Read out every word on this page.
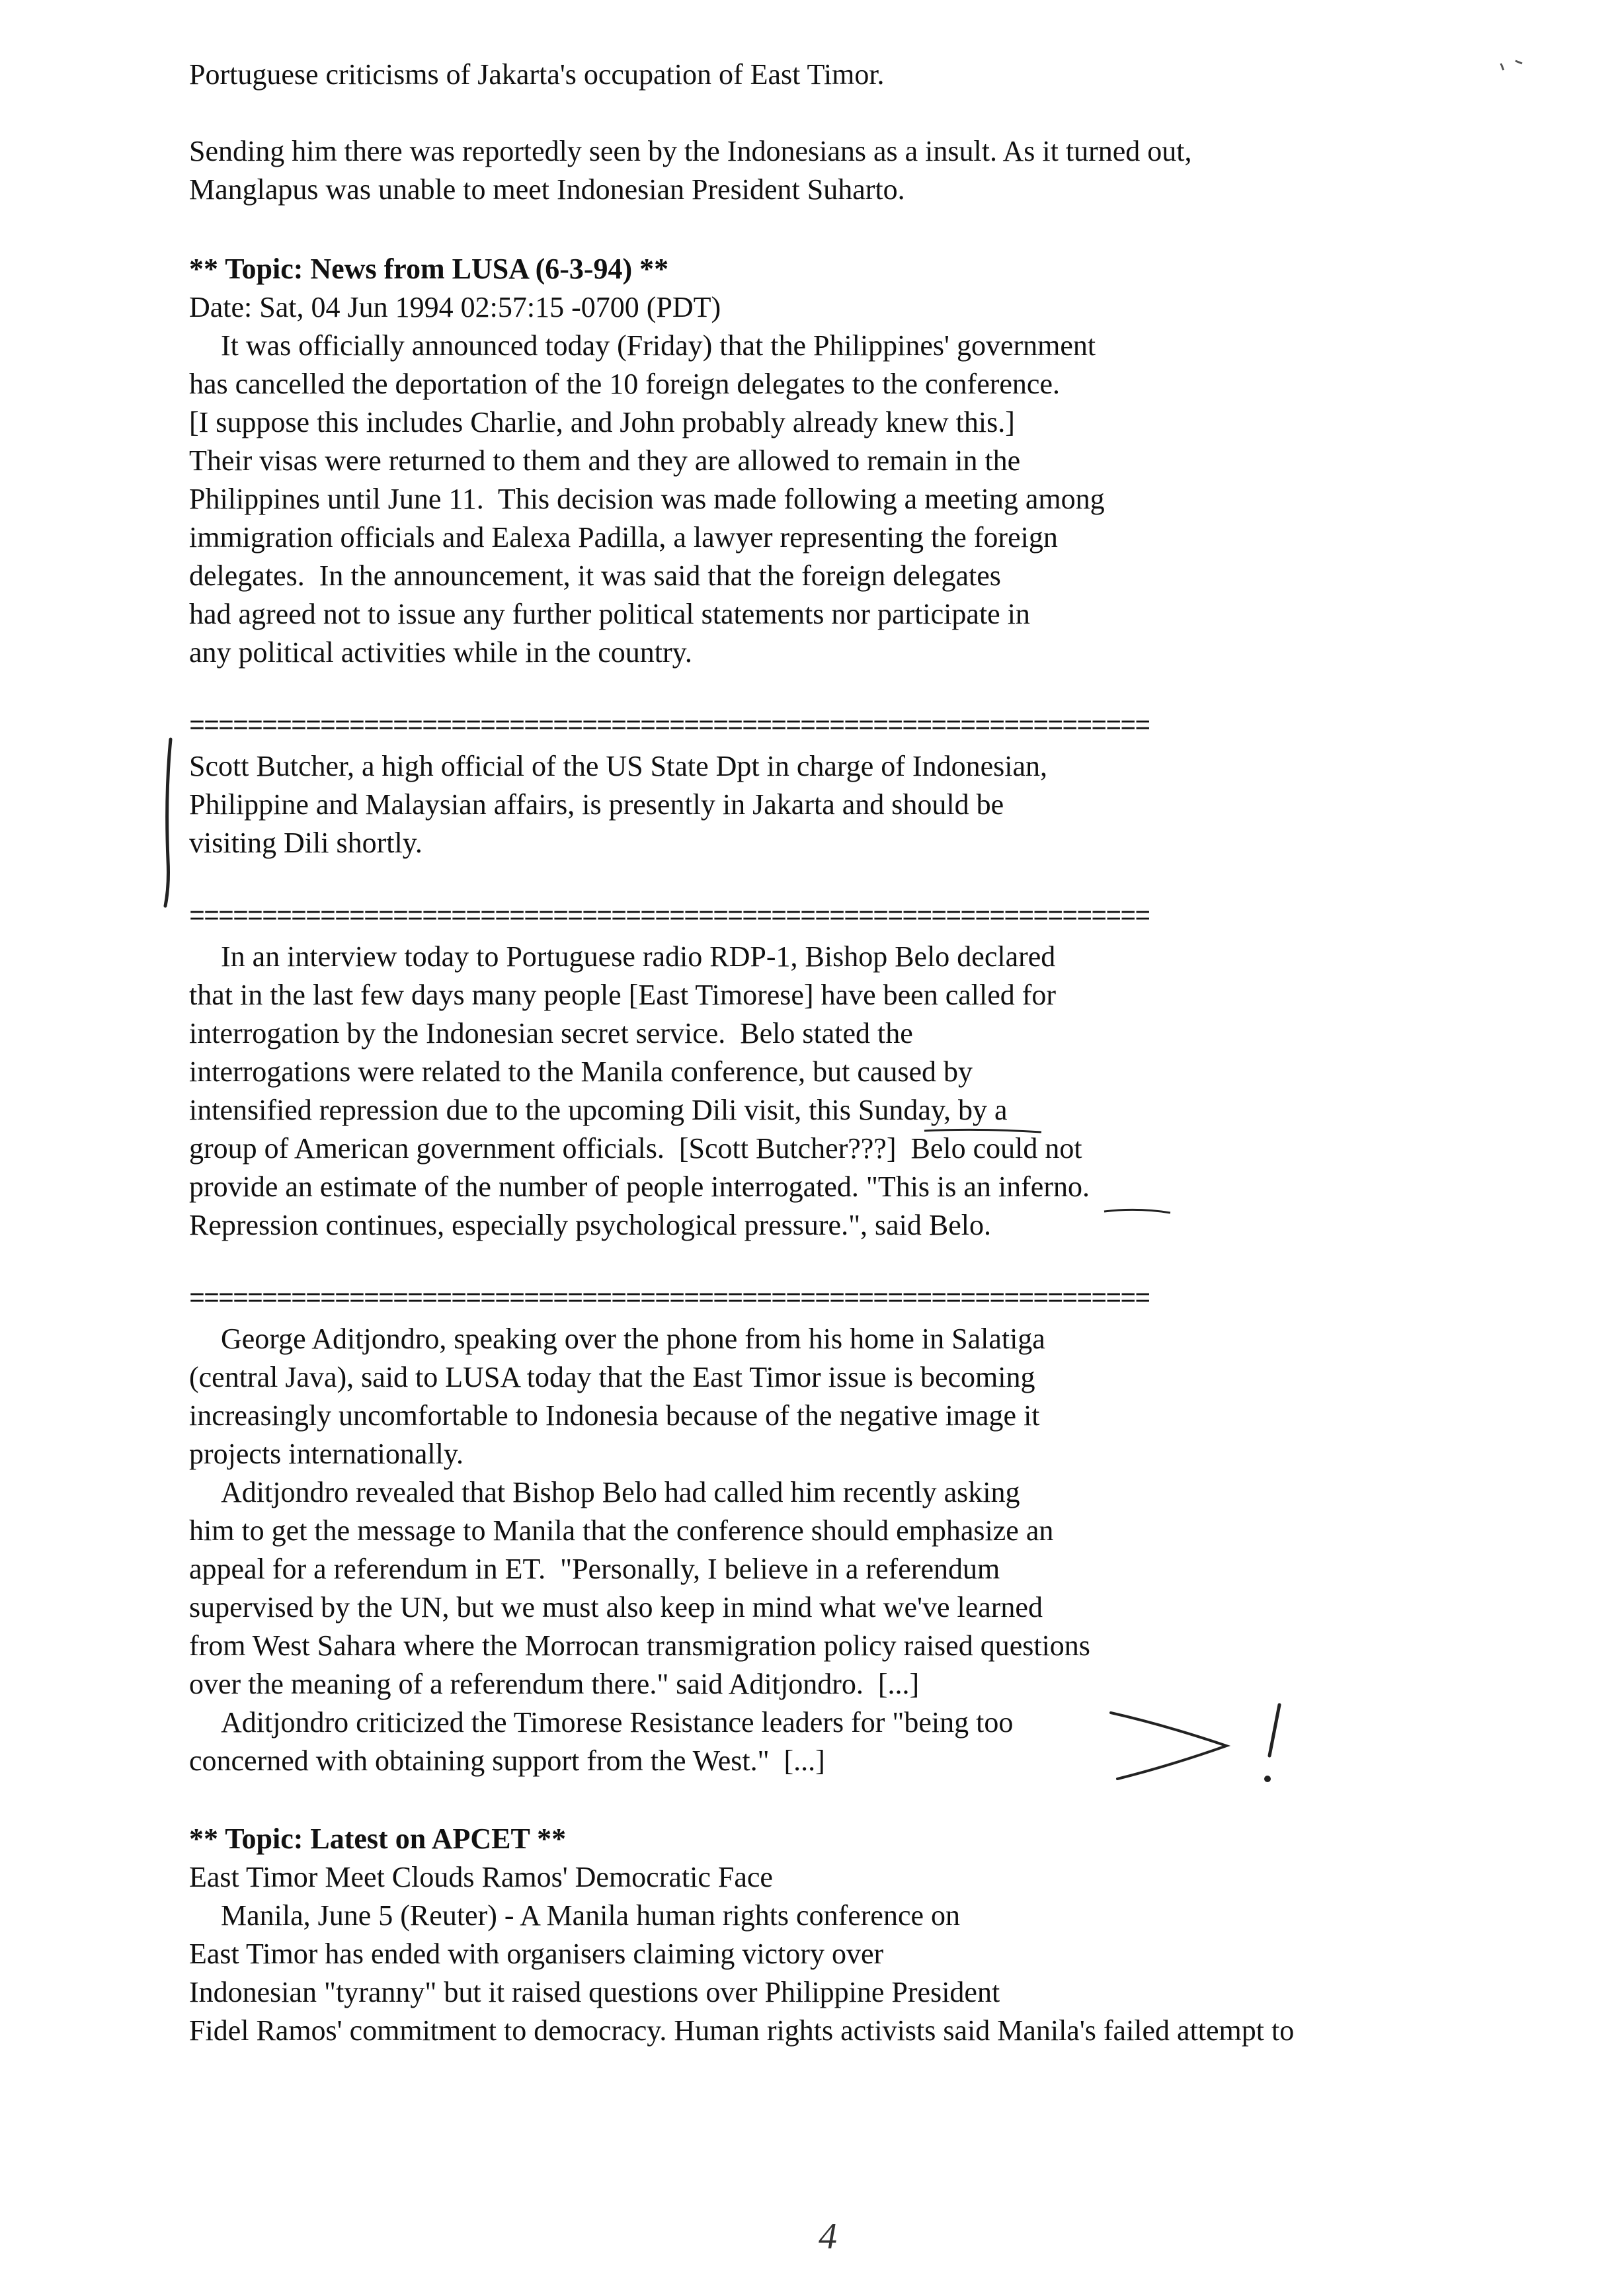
Portuguese criticisms of Jakarta's occupation of East Timor.
Sending him there was reportedly seen by the Indonesians as a insult. As it turned out,
Manglapus was unable to meet Indonesian President Suharto.
** Topic: News from LUSA (6-3-94) **
Date: Sat, 04 Jun 1994 02:57:15 -0700 (PDT)
It was officially announced today (Friday) that the Philippines' government
has cancelled the deportation of the 10 foreign delegates to the conference.
[I suppose this includes Charlie, and John probably already knew this.]
Their visas were returned to them and they are allowed to remain in the
Philippines until June 11.  This decision was made following a meeting among
immigration officials and Ealexa Padilla, a lawyer representing the foreign
delegates.  In the announcement, it was said that the foreign delegates
had agreed not to issue any further political statements nor participate in
any political activities while in the country.
==================================================================
Scott Butcher, a high official of the US State Dpt in charge of Indonesian,
Philippine and Malaysian affairs, is presently in Jakarta and should be
visiting Dili shortly.
==================================================================
In an interview today to Portuguese radio RDP-1, Bishop Belo declared
that in the last few days many people [East Timorese] have been called for
interrogation by the Indonesian secret service.  Belo stated the
interrogations were related to the Manila conference, but caused by
intensified repression due to the upcoming Dili visit, this Sunday, by a
group of American government officials.  [Scott Butcher???]  Belo could not
provide an estimate of the number of people interrogated. "This is an inferno.
Repression continues, especially psychological pressure.", said Belo.
==================================================================
George Aditjondro, speaking over the phone from his home in Salatiga
(central Java), said to LUSA today that the East Timor issue is becoming
increasingly uncomfortable to Indonesia because of the negative image it
projects internationally.
Aditjondro revealed that Bishop Belo had called him recently asking
him to get the message to Manila that the conference should emphasize an
appeal for a referendum in ET.  "Personally, I believe in a referendum
supervised by the UN, but we must also keep in mind what we've learned
from West Sahara where the Morrocan transmigration policy raised questions
over the meaning of a referendum there." said Aditjondro.  [...]
Aditjondro criticized the Timorese Resistance leaders for "being too
concerned with obtaining support from the West."  [...]
** Topic: Latest on APCET **
East Timor Meet Clouds Ramos' Democratic Face
Manila, June 5 (Reuter) - A Manila human rights conference on
East Timor has ended with organisers claiming victory over
Indonesian "tyranny" but it raised questions over Philippine President
Fidel Ramos' commitment to democracy. Human rights activists said Manila's failed attempt to
4
